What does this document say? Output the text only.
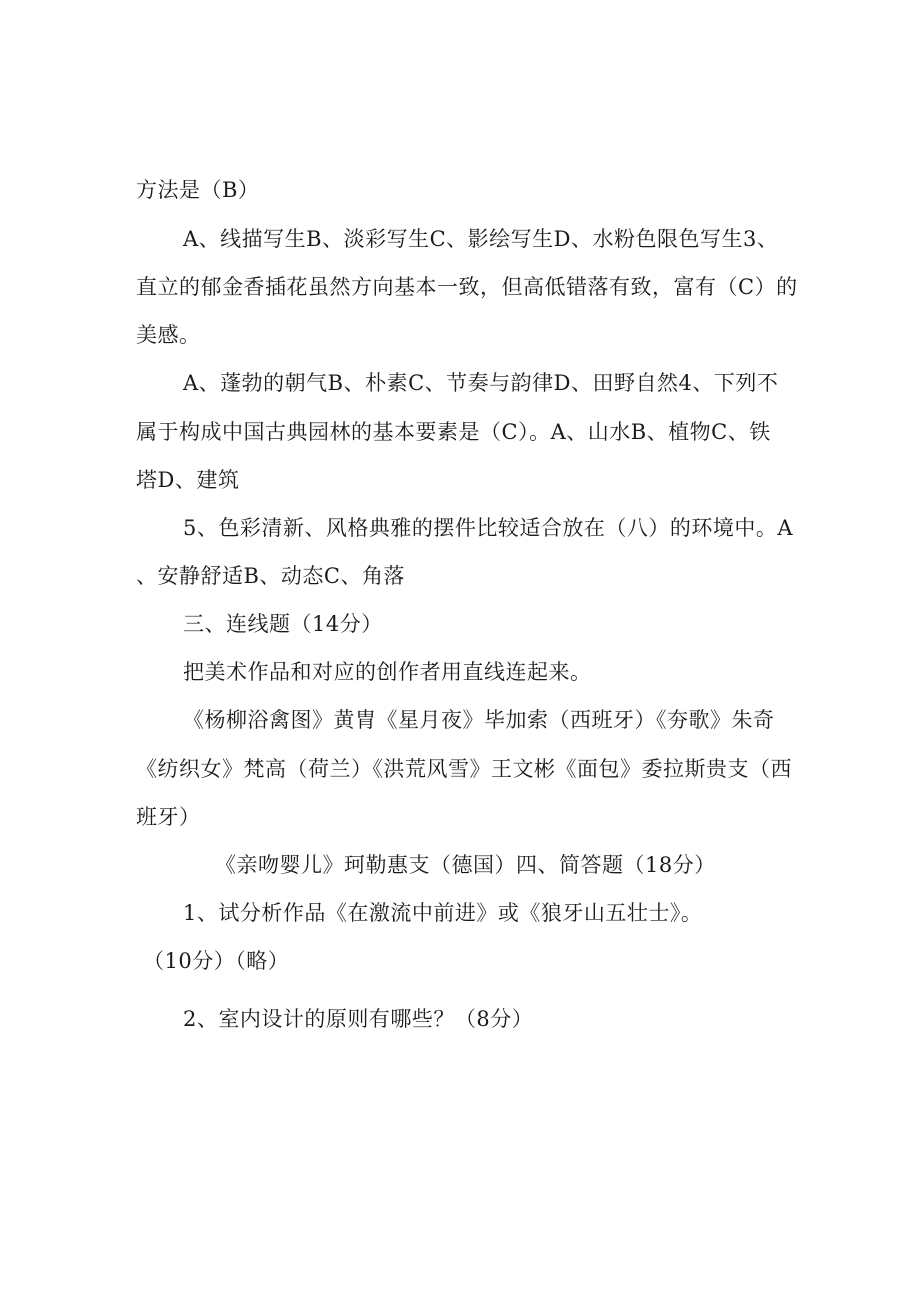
方法是（B）
A、线描写生B、淡彩写生C、影绘写生D、水粉色限色写生3、
直立的郁金香插花虽然方向基本一致，但高低错落有致，富有（C）的
美感。
A、蓬勃的朝气B、朴素C、节奏与韵律D、田野自然4、下列不
属于构成中国古典园林的基本要素是（C）。A、山水B、植物C、铁
塔D、建筑
5、色彩清新、风格典雅的摆件比较适合放在（八）的环境中。A
、安静舒适B、动态C、角落
三、连线题（14分）
把美术作品和对应的创作者用直线连起来。
《杨柳浴禽图》黄胄《星月夜》毕加索（西班牙）《夯歌》朱奇
《纺织女》梵高（荷兰）《洪荒风雪》王文彬《面包》委拉斯贵支（西
班牙）
《亲吻婴儿》珂勒惠支（德国）四、简答题（18分）
1、试分析作品《在激流中前进》或《狼牙山五壮士》。
（10分）（略）
2、室内设计的原则有哪些？（8分）
